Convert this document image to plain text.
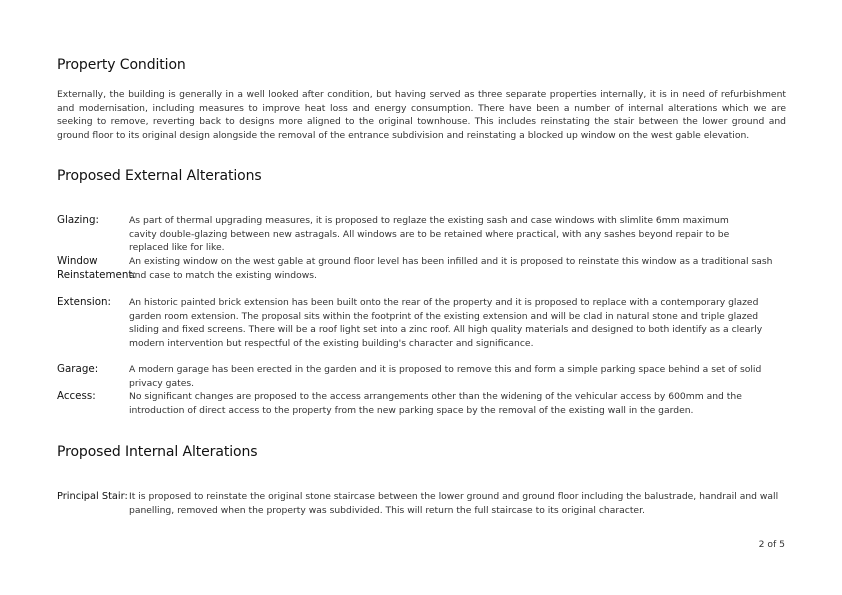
Property Condition

Externally, the building is generally in a well looked after condition, but having served as three separate properties internally, it is in need of refurbishment and modernisation, including measures to improve heat loss and energy consumption. There have been a number of internal alterations which we are seeking to remove, reverting back to designs more aligned to the original townhouse. This includes reinstating the stair between the lower ground and ground floor to its original design alongside the removal of the entrance subdivision and reinstating a blocked up window on the west gable elevation.

Proposed External Alterations
Glazing:	As part of thermal upgrading measures, it is proposed to reglaze the existing sash and case windows with slimlite 6mm maximum cavity double-glazing between new astragals. All windows are to be retained where practical, with any sashes beyond repair to be replaced like for like.
Window Reinstatement:
An existing window on the west gable at ground floor level has been infilled and it is proposed to reinstate this window as a traditional sash and case to match the existing windows.
Extension:	An historic painted brick extension has been built onto the rear of the property and it is proposed to replace with a contemporary glazed garden room extension. The proposal sits within the footprint of the existing extension and will be clad in natural stone and triple glazed sliding and fixed screens. There will be a roof light set into a zinc roof. All high quality materials and designed to both identify as a clearly modern intervention but respectful of the existing building's character and significance.
Garage:	A modern garage has been erected in the garden and it is proposed to remove this and form a simple parking space behind a set of solid privacy gates.
Access:	No significant changes are proposed to the access arrangements other than the widening of the vehicular access by 600mm and the introduction of direct access to the property from the new parking space by the removal of the existing wall in the garden.
Proposed Internal Alterations
Principal Stair: It is proposed to reinstate the original stone staircase between the lower ground and ground floor including the balustrade, handrail and wall panelling, removed when the property was subdivided. This will return the full staircase to its original character.
2 of 5
